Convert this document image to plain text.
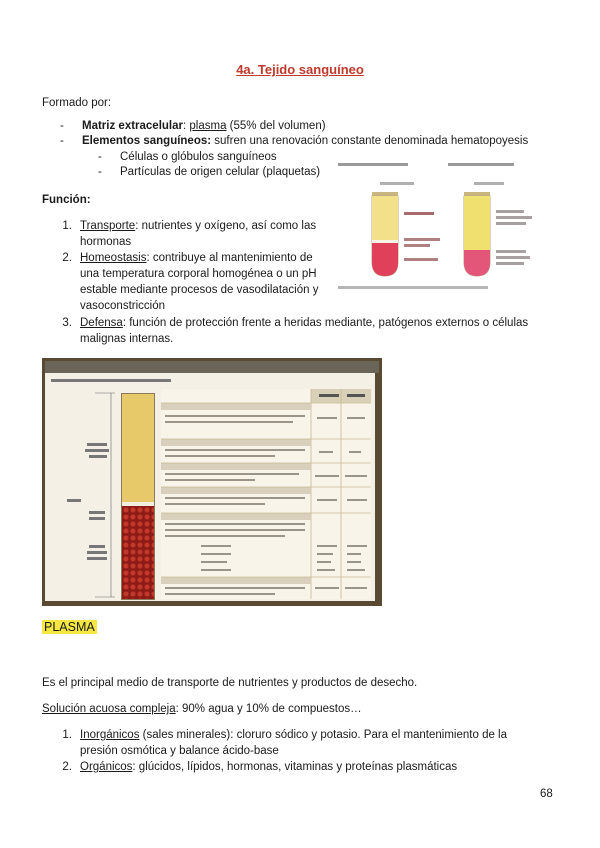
4a. Tejido sanguíneo
Formado por:
- Matriz extracelular: plasma (55% del volumen)
- Elementos sanguíneos: sufren una renovación constante denominada hematopoyesis
- Células o glóbulos sanguíneos
- Partículas de origen celular (plaquetas)
Función:
1. Transporte: nutrientes y oxígeno, así como las
hormonas
2. Homeostasis: contribuye al mantenimiento de
una temperatura corporal homogénea o un pH
estable mediante procesos de vasodilatación y
vasoconstricción
3. Defensa: función de protección frente a heridas mediante, patógenos externos o células
malignas internas.
PLASMA
Es el principal medio de transporte de nutrientes y productos de desecho.
Solución acuosa compleja: 90% agua y 10% de compuestos…
1. Inorgánicos (sales minerales): cloruro sódico y potasio. Para el mantenimiento de la
presión osmótica y balance ácido-base
2. Orgánicos: glúcidos, lípidos, hormonas, vitaminas y proteínas plasmáticas
68
